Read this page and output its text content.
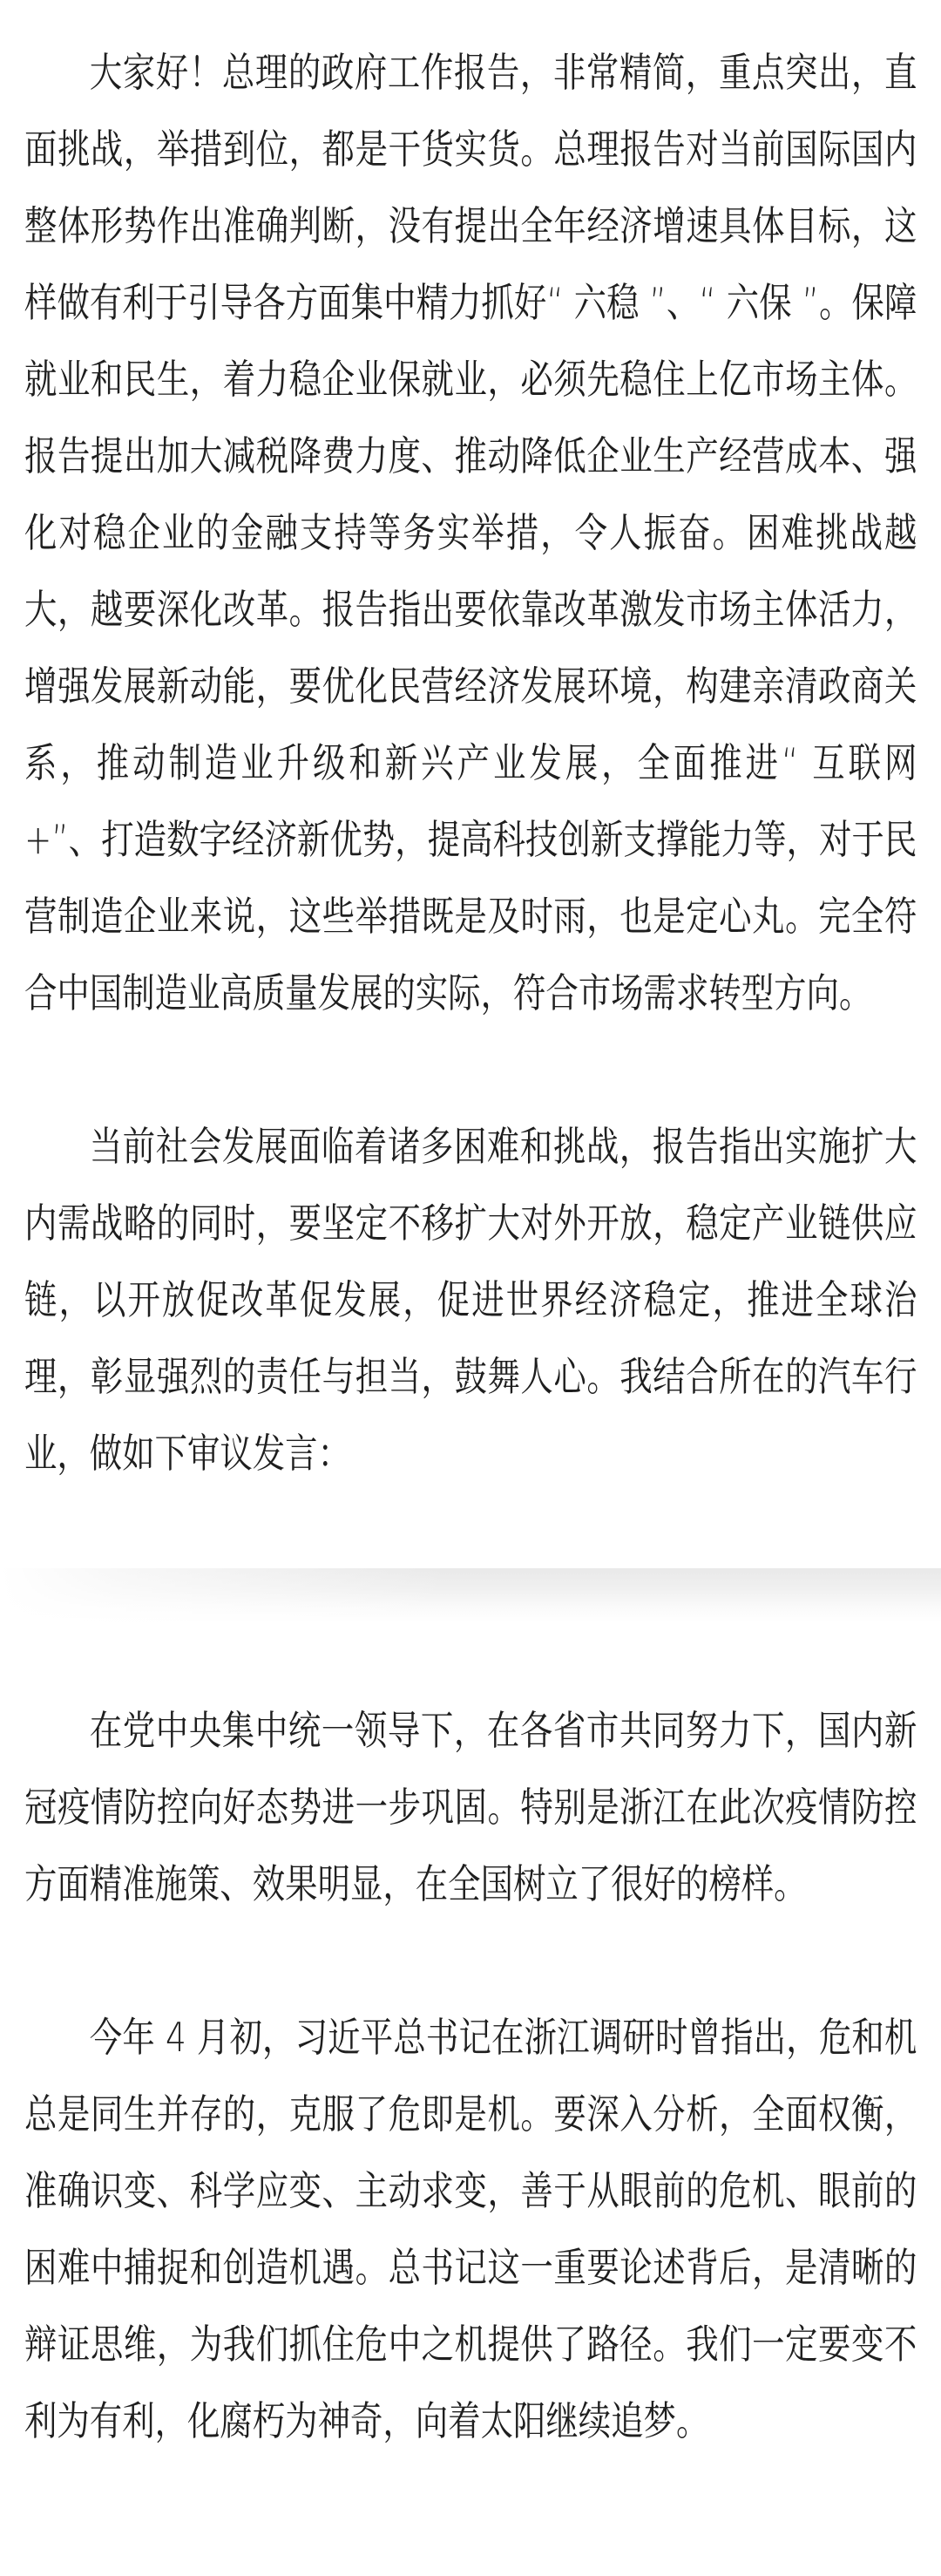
大家好！总理的政府工作报告，非常精简，重点突出，直面挑战，举措到位，都是干货实货。总理报告对当前国际国内整体形势作出准确判断，没有提出全年经济增速具体目标，这样做有利于引导各方面集中精力抓好“ 六稳 ”、“ 六保 ”。保障就业和民生，着力稳企业保就业，必须先稳住上亿市场主体。报告提出加大减税降费力度、推动降低企业生产经营成本、强化对稳企业的金融支持等务实举措，令人振奋。困难挑战越大，越要深化改革。报告指出要依靠改革激发市场主体活力，增强发展新动能，要优化民营经济发展环境，构建亲清政商关系，推动制造业升级和新兴产业发展，全面推进“ 互联网 +”、打造数字经济新优势，提高科技创新支撑能力等，对于民营制造企业来说，这些举措既是及时雨，也是定心丸。完全符合中国制造业高质量发展的实际，符合市场需求转型方向。

当前社会发展面临着诸多困难和挑战，报告指出实施扩大内需战略的同时，要坚定不移扩大对外开放，稳定产业链供应链，以开放促改革促发展，促进世界经济稳定，推进全球治理，彰显强烈的责任与担当，鼓舞人心。我结合所在的汽车行业，做如下审议发言：

在党中央集中统一领导下，在各省市共同努力下，国内新冠疫情防控向好态势进一步巩固。特别是浙江在此次疫情防控方面精准施策、效果明显，在全国树立了很好的榜样。

今年 4 月初，习近平总书记在浙江调研时曾指出，危和机总是同生并存的，克服了危即是机。要深入分析，全面权衡，准确识变、科学应变、主动求变，善于从眼前的危机、眼前的困难中捕捉和创造机遇。总书记这一重要论述背后，是清晰的辩证思维，为我们抓住危中之机提供了路径。我们一定要变不利为有利，化腐朽为神奇，向着太阳继续追梦。
